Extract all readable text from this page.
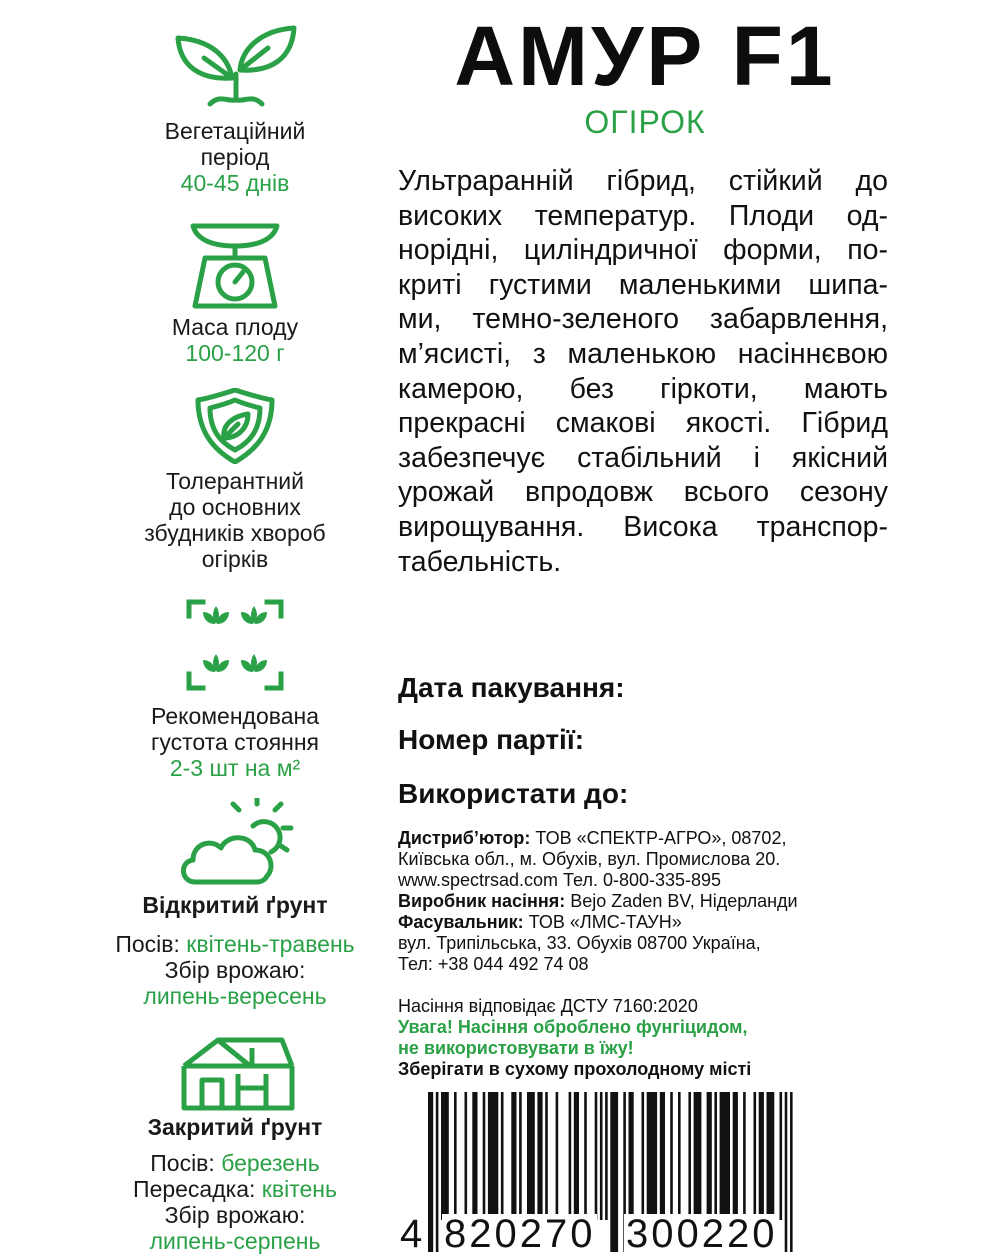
Вегетаційний
період
40-45 днів
Маса плоду
100-120 г
Толерантний
до основних
збудників хвороб
огірків
Рекомендована
густота стояння
2-3 шт на м²
Відкритий ґрунт
Посів: квітень-травень
Збір врожаю:
липень-вересень
Закритий ґрунт
Посів: березень
Пересадка: квітень
Збір врожаю:
липень-серпень
АМУР F1
ОГІРОК
Ультраранній гібрид, стійкий до
високих температур. Плоди од-
норідні, циліндричної форми, по-
криті густими маленькими шипа-
ми, темно-зеленого забарвлення,
м’ясисті, з маленькою насіннєвою
камерою, без гіркоти, мають
прекрасні смакові якості. Гібрид
забезпечує стабільний і якісний
урожай впродовж всього сезону
вирощування. Висока транспор-
табельність.
Дата пакування:
Номер партії:
Використати до:
Дистриб’ютор: ТОВ «СПЕКТР-АГРО», 08702,
Київська обл., м. Обухів, вул. Промислова 20.
www.spectrsad.com Тел. 0-800-335-895
Виробник насіння: Bejo Zaden BV, Нідерланди
Фасувальник: ТОВ «ЛМС-ТАУН»
вул. Трипільська, 33. Обухів 08700 Україна,
Тел: +38 044 492 74 08
Насіння відповідає ДСТУ 7160:2020
Увага! Насіння оброблено фунгіцидом,
не використовувати в їжу!
Зберігати в сухому прохолодному місті
4 820270 300220
